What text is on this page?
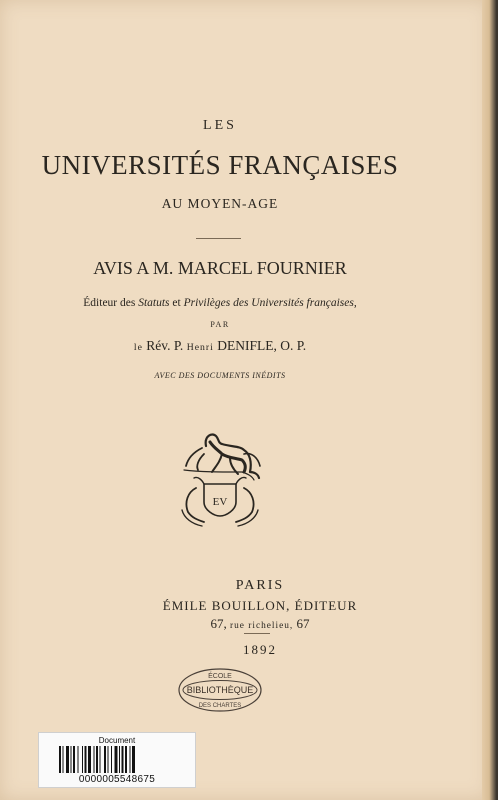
LES
UNIVERSITÉS FRANÇAISES
AU MOYEN-AGE
AVIS A M. MARCEL FOURNIER
Éditeur des Statuts et Privilèges des Universités françaises,
PAR
le Rév. P. Henri DENIFLE, O. P.
AVEC DES DOCUMENTS INÉDITS
EV
PARIS
ÉMILE BOUILLON, ÉDITEUR
67, rue richelieu, 67
1892
ÉCOLE
BIBLIOTHÈQUE
DES CHARTES
Document
0000005548675
